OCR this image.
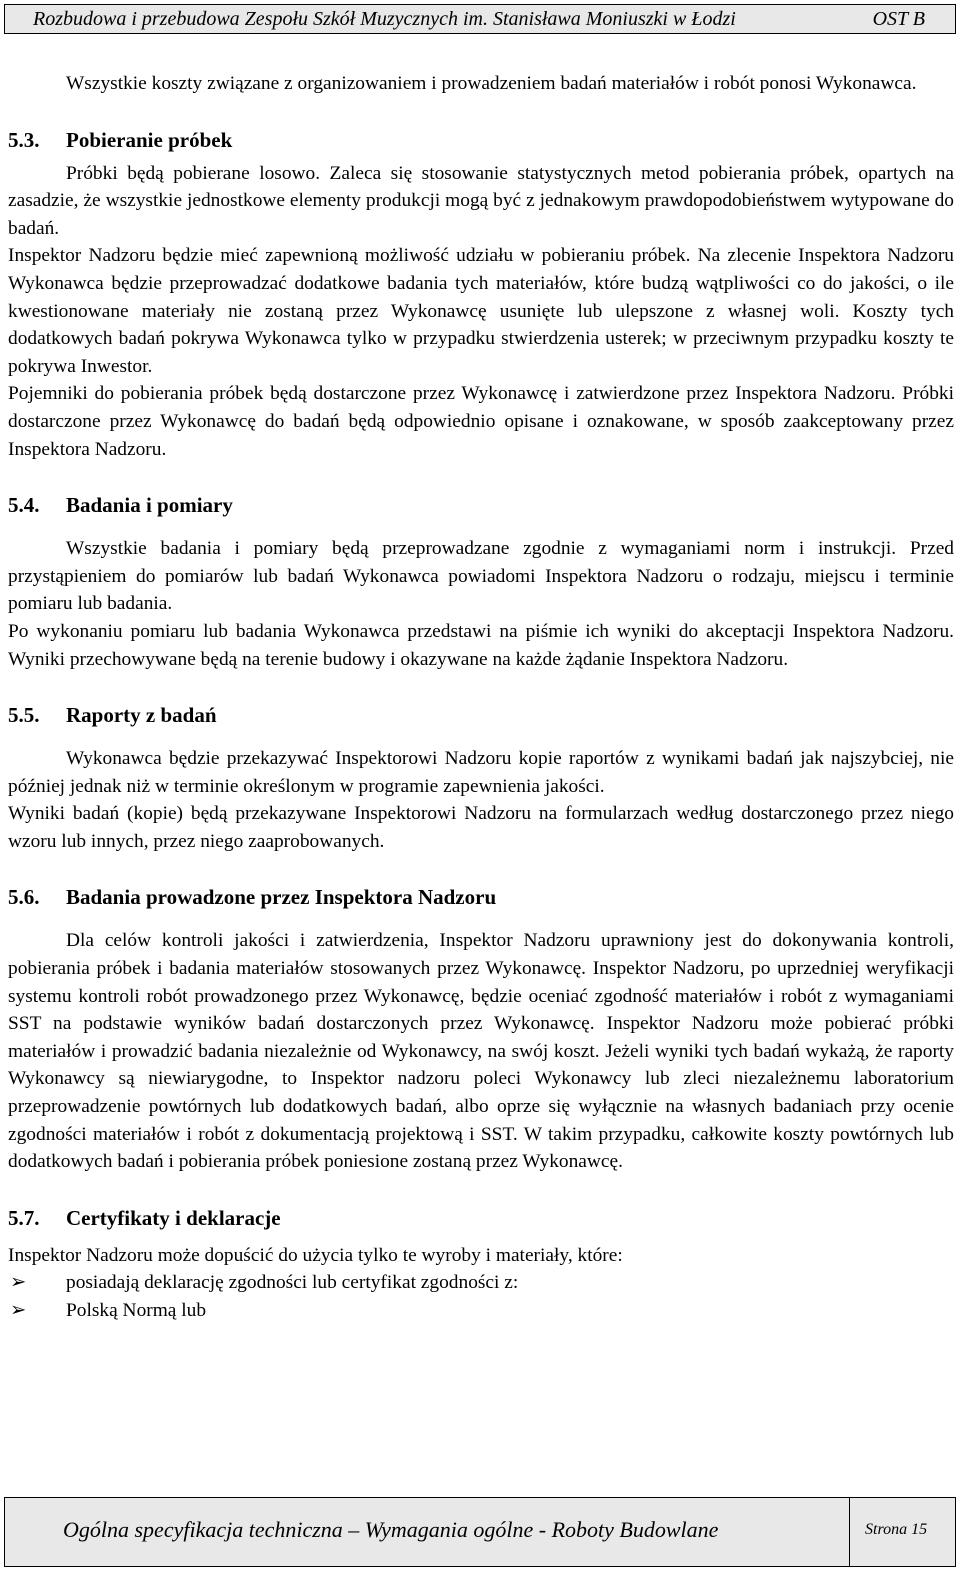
Rozbudowa i przebudowa Zespołu Szkół Muzycznych im. Stanisława Moniuszki w Łodzi	OST B

Wszystkie koszty związane z organizowaniem i prowadzeniem badań materiałów i robót ponosi Wykonawca.

5.3. Pobieranie próbek

Próbki będą pobierane losowo. Zaleca się stosowanie statystycznych metod pobierania próbek, opartych na zasadzie, że wszystkie jednostkowe elementy produkcji mogą być z jednakowym prawdopodobieństwem wytypowane do badań.

Inspektor Nadzoru będzie mieć zapewnioną możliwość udziału w pobieraniu próbek. Na zlecenie Inspektora Nadzoru Wykonawca będzie przeprowadzać dodatkowe badania tych materiałów, które budzą wątpliwości co do jakości, o ile kwestionowane materiały nie zostaną przez Wykonawcę usunięte lub ulepszone z własnej woli. Koszty tych dodatkowych badań pokrywa Wykonawca tylko w przypadku stwierdzenia usterek; w przeciwnym przypadku koszty te pokrywa Inwestor.

Pojemniki do pobierania próbek będą dostarczone przez Wykonawcę i zatwierdzone przez Inspektora Nadzoru. Próbki dostarczone przez Wykonawcę do badań będą odpowiednio opisane i oznakowane, w sposób zaakceptowany przez Inspektora Nadzoru.

5.4. Badania i pomiary

Wszystkie badania i pomiary będą przeprowadzane zgodnie z wymaganiami norm i instrukcji. Przed przystąpieniem do pomiarów lub badań Wykonawca powiadomi Inspektora Nadzoru o rodzaju, miejscu i terminie pomiaru lub badania.

Po wykonaniu pomiaru lub badania Wykonawca przedstawi na piśmie ich wyniki do akceptacji Inspektora Nadzoru. Wyniki przechowywane będą na terenie budowy i okazywane na każde żądanie Inspektora Nadzoru.

5.5. Raporty z badań

Wykonawca będzie przekazywać Inspektorowi Nadzoru kopie raportów z wynikami badań jak najszybciej, nie później jednak niż w terminie określonym w programie zapewnienia jakości.

Wyniki badań (kopie) będą przekazywane Inspektorowi Nadzoru na formularzach według dostarczonego przez niego wzoru lub innych, przez niego zaaprobowanych.

5.6. Badania prowadzone przez Inspektora Nadzoru

Dla celów kontroli jakości i zatwierdzenia, Inspektor Nadzoru uprawniony jest do dokonywania kontroli, pobierania próbek i badania materiałów stosowanych przez Wykonawcę. Inspektor Nadzoru, po uprzedniej weryfikacji systemu kontroli robót prowadzonego przez Wykonawcę, będzie oceniać zgodność materiałów i robót z wymaganiami SST na podstawie wyników badań dostarczonych przez Wykonawcę. Inspektor Nadzoru może pobierać próbki materiałów i prowadzić badania niezależnie od Wykonawcy, na swój koszt. Jeżeli wyniki tych badań wykażą, że raporty Wykonawcy są niewiarygodne, to Inspektor nadzoru poleci Wykonawcy lub zleci niezależnemu laboratorium przeprowadzenie powtórnych lub dodatkowych badań, albo oprze się wyłącznie na własnych badaniach przy ocenie zgodności materiałów i robót z dokumentacją projektową i SST. W takim przypadku, całkowite koszty powtórnych lub dodatkowych badań i pobierania próbek poniesione zostaną przez Wykonawcę.

5.7. Certyfikaty i deklaracje

Inspektor Nadzoru może dopuścić do użycia tylko te wyroby i materiały, które:

➢ posiadają deklarację zgodności lub certyfikat zgodności z:

➢ Polską Normą lub

Ogólna specyfikacja techniczna – Wymagania ogólne - Roboty Budowlane	Strona 15
